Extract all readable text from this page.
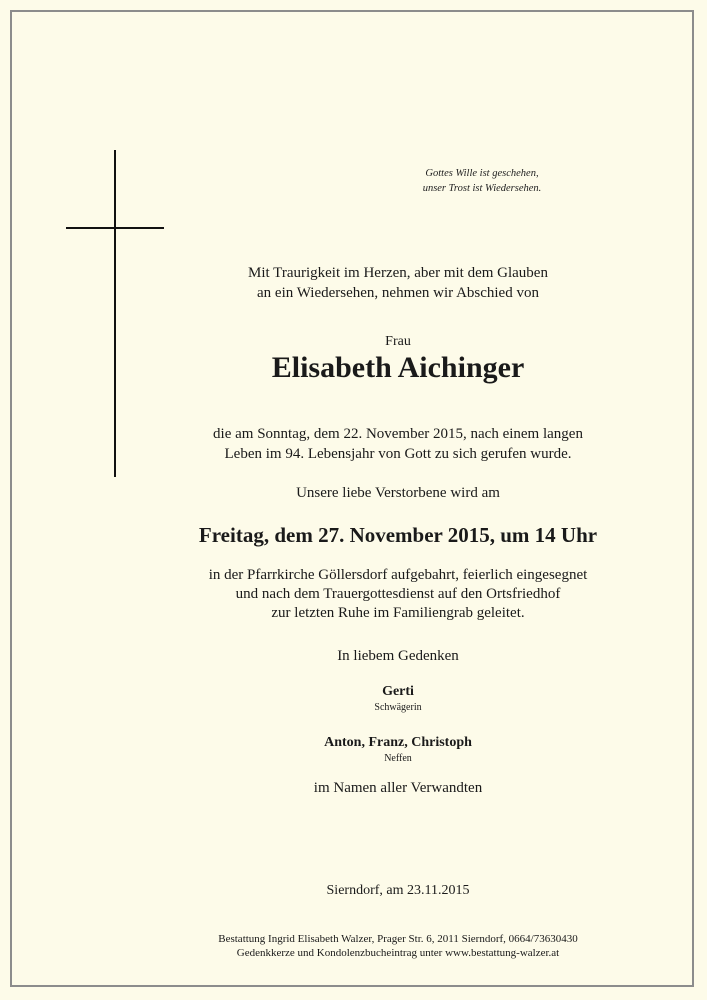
Gottes Wille ist geschehen,
unser Trost ist Wiedersehen.
Mit Traurigkeit im Herzen, aber mit dem Glauben
an ein Wiedersehen, nehmen wir Abschied von
Frau
Elisabeth Aichinger
die am Sonntag, dem 22. November 2015, nach einem langen
Leben im 94. Lebensjahr von Gott zu sich gerufen wurde.
Unsere liebe Verstorbene wird am
Freitag, dem 27. November 2015, um 14 Uhr
in der Pfarrkirche Göllersdorf aufgebahrt, feierlich eingesegnet
und nach dem Trauergottesdienst auf den Ortsfriedhof
zur letzten Ruhe im Familiengrab geleitet.
In liebem Gedenken
Gerti
Schwägerin
Anton, Franz, Christoph
Neffen
im Namen aller Verwandten
Sierndorf, am 23.11.2015
Bestattung Ingrid Elisabeth Walzer, Prager Str. 6, 2011 Sierndorf, 0664/73630430
Gedenkkerze und Kondolenzbucheintrag unter www.bestattung-walzer.at
